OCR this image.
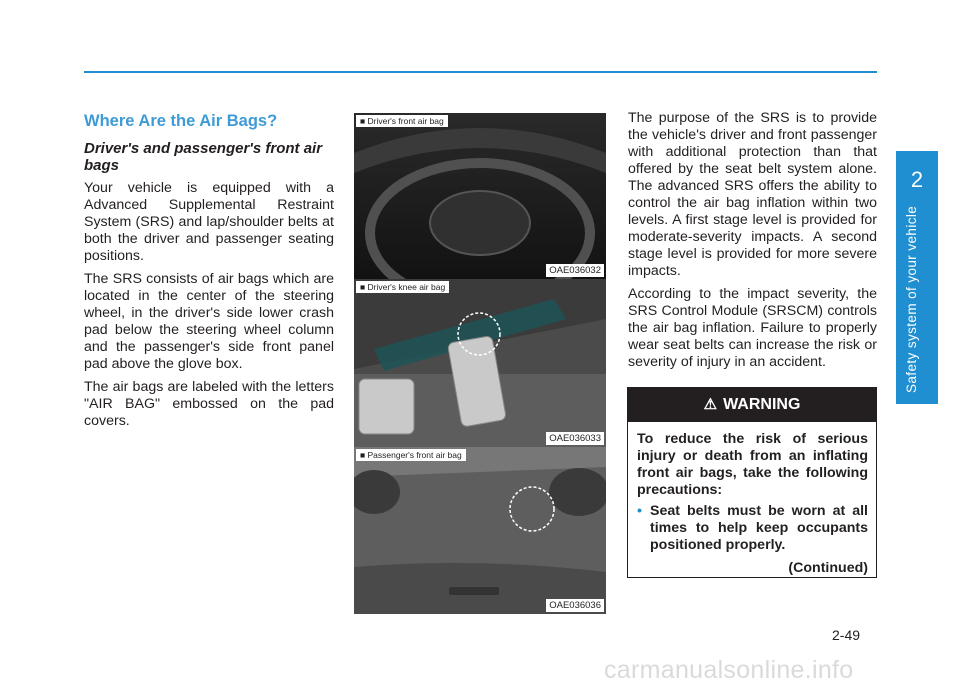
2
Safety system of your vehicle
Where Are the Air Bags?
Driver's and passenger's front air bags
Your vehicle is equipped with a Advanced Supplemental Restraint System (SRS) and lap/shoulder belts at both the driver and passenger seating positions.
The SRS consists of air bags which are located in the center of the steering wheel, in the driver's side lower crash pad below the steering wheel column and the passenger's side front panel pad above the glove box.
The air bags are labeled with the letters "AIR BAG" embossed on the pad covers.
■ Driver's front air bag
OAE036032
■ Driver's knee air bag
OAE036033
■ Passenger's front air bag
OAE036036
The purpose of the SRS is to provide the vehicle's driver and front passenger with additional protection than that offered by the seat belt system alone. The advanced SRS offers the ability to control the air bag inflation within two levels. A first stage level is provided for moderate-severity impacts. A second stage level is provided for more severe impacts.
According to the impact severity, the SRS Control Module (SRSCM) controls the air bag inflation. Failure to properly wear seat belts can increase the risk or severity of injury in an accident.
⚠ WARNING
To reduce the risk of serious injury or death from an inflating front air bags, take the following precautions:
• Seat belts must be worn at all times to help keep occupants positioned properly.
(Continued)
2-49
carmanualsonline.info
